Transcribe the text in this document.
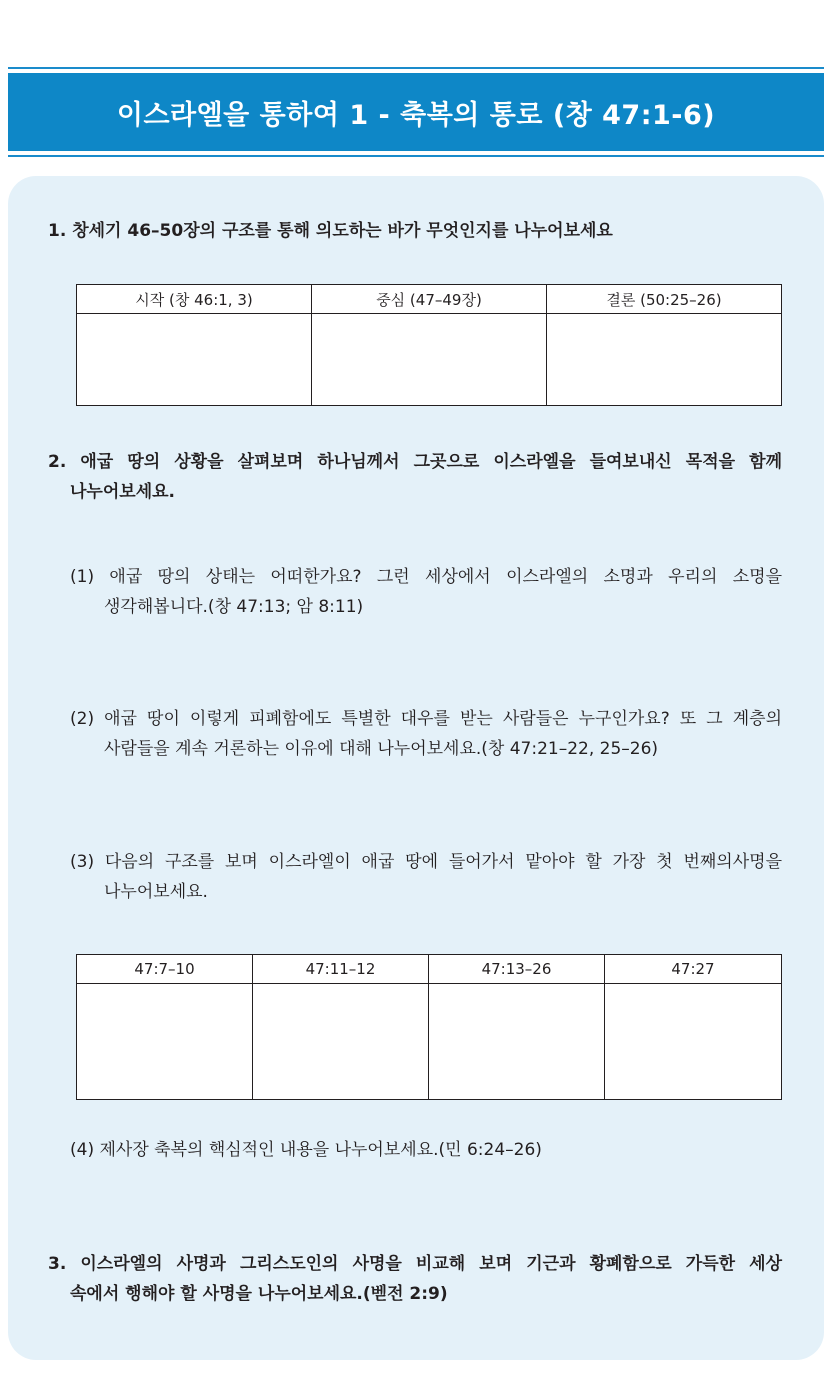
이스라엘을 통하여 1 - 축복의 통로 (창 47:1-6)

1. 창세기 46–50장의 구조를 통해 의도하는 바가 무엇인지를 나누어보세요

시작 (창 46:1, 3)	중심 (47–49장)	결론 (50:25–26)

2. 애굽 땅의 상황을 살펴보며 하나님께서 그곳으로 이스라엘을 들여보내신 목적을 함께

나누어보세요.

(1) 애굽 땅의 상태는 어떠한가요? 그런 세상에서 이스라엘의 소명과 우리의 소명을

생각해봅니다.(창 47:13; 암 8:11)

(2) 애굽 땅이 이렇게 피폐함에도 특별한 대우를 받는 사람들은 누구인가요? 또 그 계층의

사람들을 계속 거론하는 이유에 대해 나누어보세요.(창 47:21–22, 25–26)

(3) 다음의 구조를 보며 이스라엘이 애굽 땅에 들어가서 맡아야 할 가장 첫 번째의사명을

나누어보세요.

47:7–10	47:11–12	47:13–26	47:27

(4) 제사장 축복의 핵심적인 내용을 나누어보세요.(민 6:24–26)

3. 이스라엘의 사명과 그리스도인의 사명을 비교해 보며 기근과 황폐함으로 가득한 세상

속에서 행해야 할 사명을 나누어보세요.(벧전 2:9)
